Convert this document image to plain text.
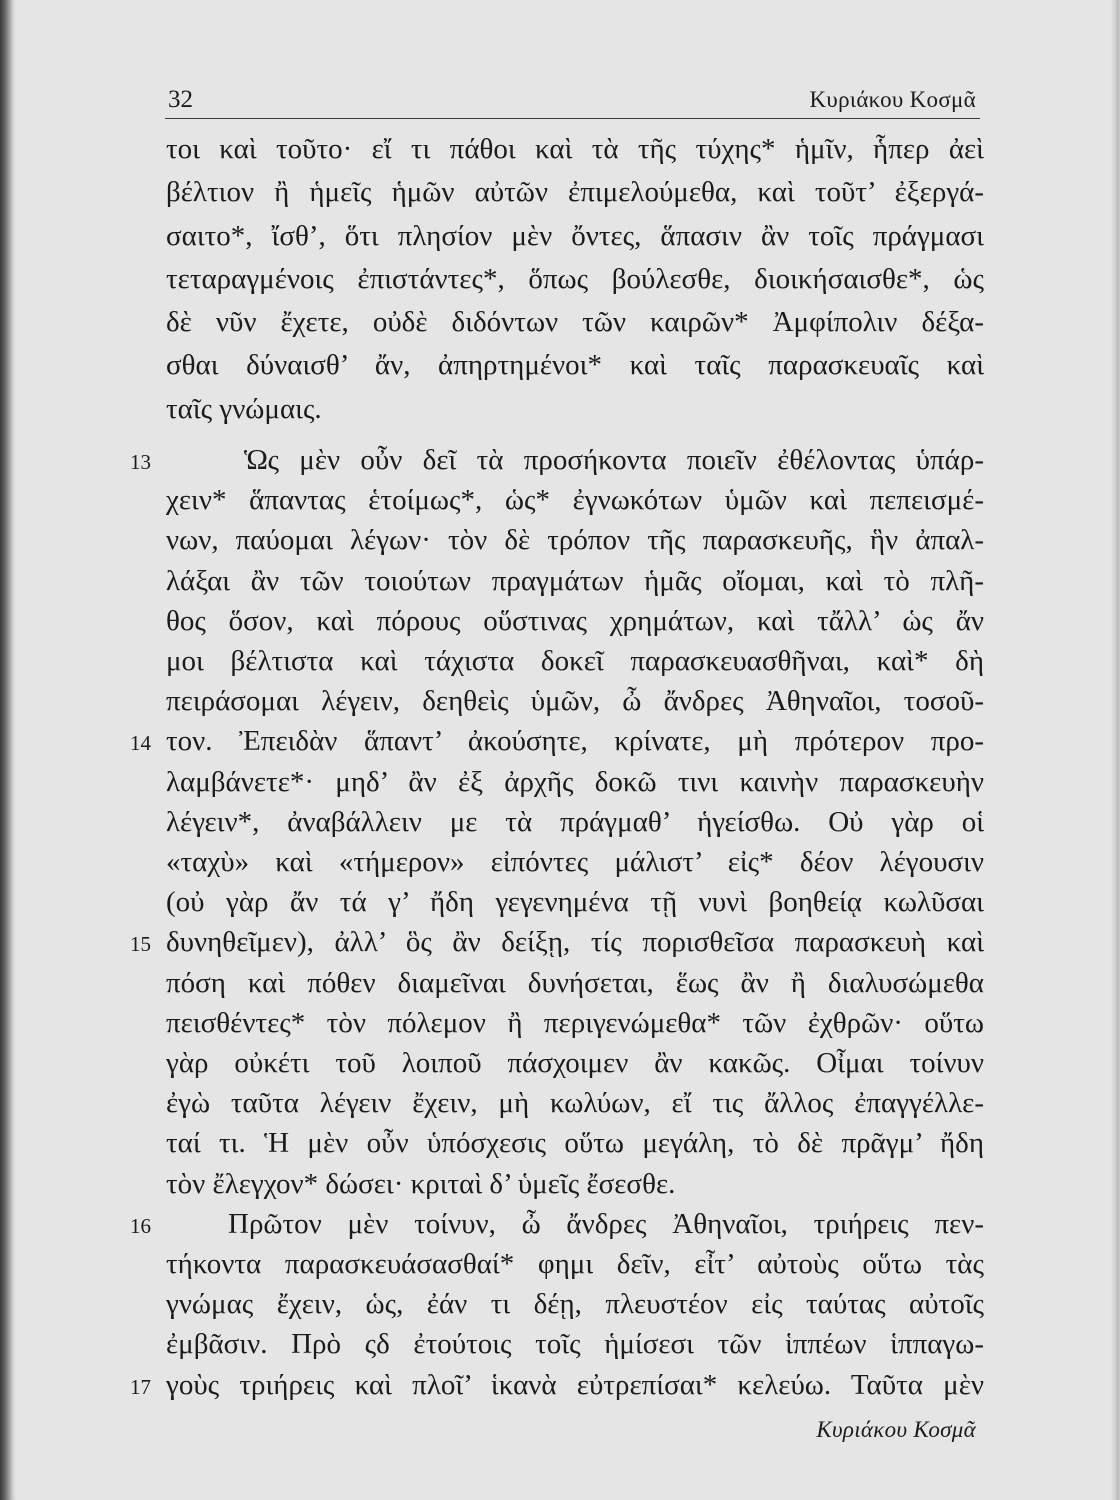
32	Κυριάκου Κοσμᾶ
τοι καὶ τοῦτο· εἴ τι πάθοι καὶ τὰ τῆς τύχης* ἡμῖν, ἧπερ ἀεὶ
βέλτιον ἢ ἡμεῖς ἡμῶν αὐτῶν ἐπιμελούμεθα, καὶ τοῦτ’ ἐξεργά-
σαιτο*, ἴσθ’, ὅτι πλησίον μὲν ὄντες, ἅπασιν ἂν τοῖς πράγμασι
τεταραγμένοις ἐπιστάντες*, ὅπως βούλεσθε, διοικήσαισθε*, ὡς
δὲ νῦν ἔχετε, οὐδὲ διδόντων τῶν καιρῶν* Ἀμφίπολιν δέξα-
σθαι δύναισθ’ ἄν, ἀπηρτημένοι* καὶ ταῖς παρασκευαῖς καὶ
ταῖς γνώμαις.
13	Ὡς μὲν οὖν δεῖ τὰ προσήκοντα ποιεῖν ἐθέλοντας ὑπάρ-
χειν* ἅπαντας ἑτοίμως*, ὡς* ἐγνωκότων ὑμῶν καὶ πεπεισμέ-
νων, παύομαι λέγων· τὸν δὲ τρόπον τῆς παρασκευῆς, ἣν ἀπαλ-
λάξαι ἂν τῶν τοιούτων πραγμάτων ἡμᾶς οἴομαι, καὶ τὸ πλῆ-
θος ὅσον, καὶ πόρους οὕστινας χρημάτων, καὶ τἄλλ’ ὡς ἄν
μοι βέλτιστα καὶ τάχιστα δοκεῖ παρασκευασθῆναι, καὶ* δὴ
πειράσομαι λέγειν, δεηθεὶς ὑμῶν, ὦ ἄνδρες Ἀθηναῖοι, τοσοῦ-
14 τον. Ἐπειδὰν ἅπαντ’ ἀκούσητε, κρίνατε, μὴ πρότερον προ-
λαμβάνετε*· μηδ’ ἂν ἐξ ἀρχῆς δοκῶ τινι καινὴν παρασκευὴν
λέγειν*, ἀναβάλλειν με τὰ πράγμαθ’ ἡγείσθω. Οὐ γὰρ οἱ
«ταχὺ» καὶ «τήμερον» εἰπόντες μάλιστ’ εἰς* δέον λέγουσιν
(οὐ γὰρ ἄν τά γ’ ἤδη γεγενημένα τῇ νυνὶ βοηθείᾳ κωλῦσαι
15 δυνηθεῖμεν), ἀλλ’ ὃς ἂν δείξῃ, τίς πορισθεῖσα παρασκευὴ καὶ
πόση καὶ πόθεν διαμεῖναι δυνήσεται, ἕως ἂν ἢ διαλυσώμεθα
πεισθέντες* τὸν πόλεμον ἢ περιγενώμεθα* τῶν ἐχθρῶν· οὕτω
γὰρ οὐκέτι τοῦ λοιποῦ πάσχοιμεν ἂν κακῶς. Οἶμαι τοίνυν
ἐγὼ ταῦτα λέγειν ἔχειν, μὴ κωλύων, εἴ τις ἄλλος ἐπαγγέλλε-
ταί τι. Ἡ μὲν οὖν ὑπόσχεσις οὕτω μεγάλη, τὸ δὲ πρᾶγμ’ ἤδη
τὸν ἔλεγχον* δώσει· κριταὶ δ’ ὑμεῖς ἔσεσθε.
16	Πρῶτον μὲν τοίνυν, ὦ ἄνδρες Ἀθηναῖοι, τριήρεις πεν-
τήκοντα παρασκευάσασθαί* φημι δεῖν, εἶτ’ αὐτοὺς οὕτω τὰς
γνώμας ἔχειν, ὡς, ἐάν τι δέῃ, πλευστέον εἰς ταύτας αὐτοῖς
ἐμβᾶσιν. Πρὸ ςδ ἐτούτοις τοῖς ἡμίσεσι τῶν ἱππέων ἱππαγω-
17 γοὺς τριήρεις καὶ πλοῖ’ ἱκανὰ εὐτρεπίσαι* κελεύω. Ταῦτα μὲν
Κυριάκου Κοσμᾶ
